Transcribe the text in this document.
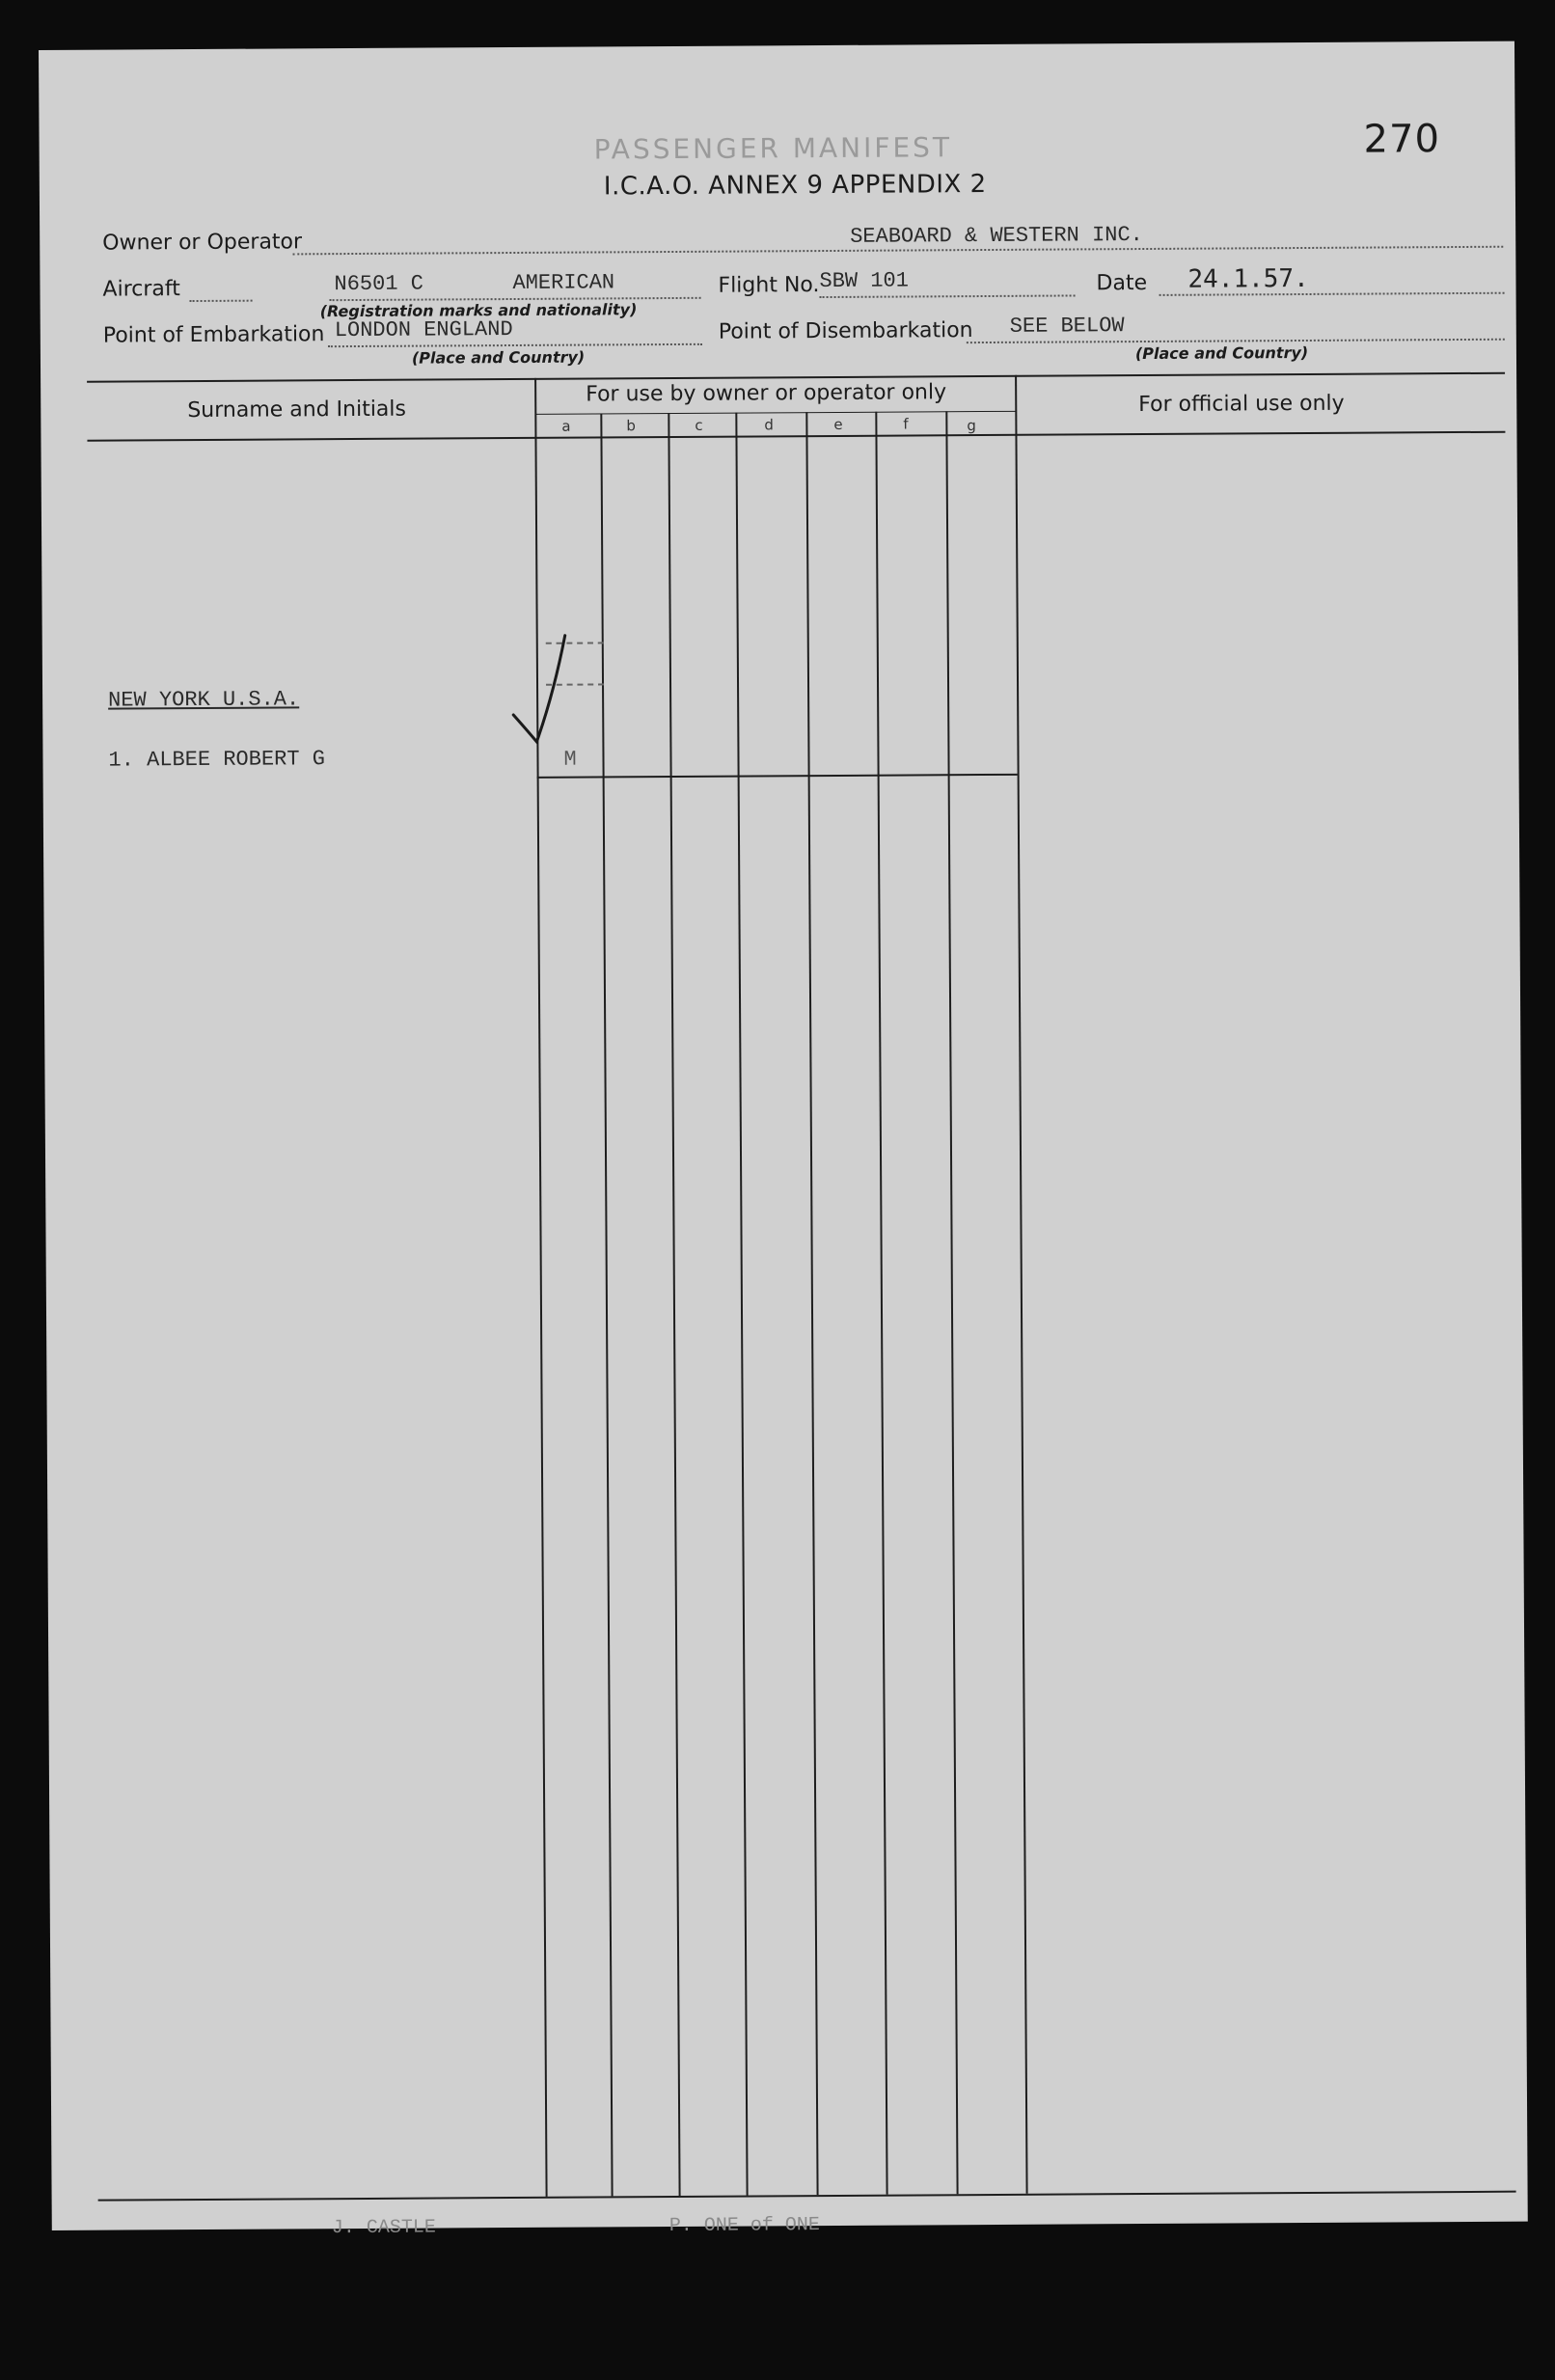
270
PASSENGER MANIFEST
I.C.A.O. ANNEX 9 APPENDIX 2
Owner or Operator	SEABOARD & WESTERN INC.
Aircraft	N6501 C	AMERICAN
(Registration marks and nationality)
Flight No. SBW 101	Date 24.1.57.
Point of Embarkation LONDON ENGLAND
(Place and Country)
Point of Disembarkation SEE BELOW
(Place and Country)
Surname and Initials
For use by owner or operator only	For official use only
a	b	c	d	e	f	g
NEW YORK U.S.A.
1. ALBEE ROBERT G	M
J. CASTLE	P. ONE of ONE
